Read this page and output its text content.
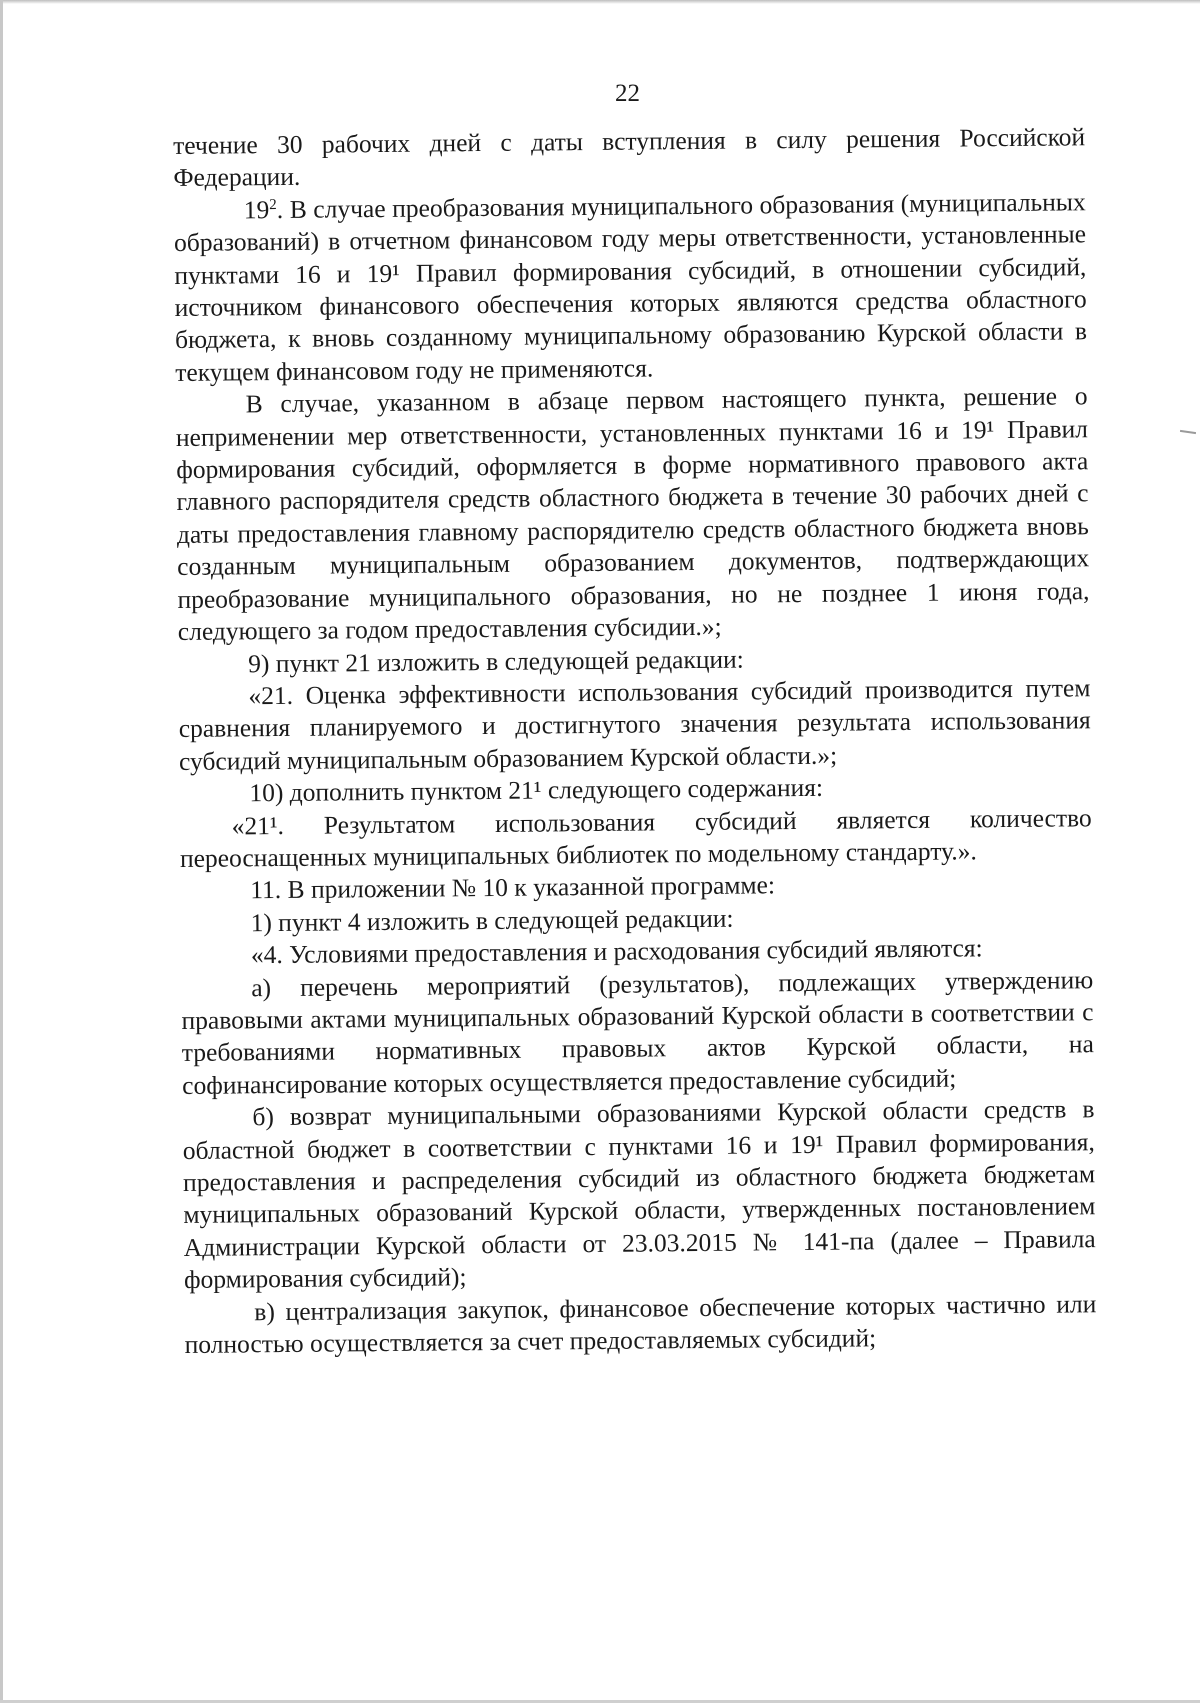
22

течение 30 рабочих дней с даты вступления в силу решения Российской Федерации.

$19^2$. В случае преобразования муниципального образования (муниципальных образований) в отчетном финансовом году меры ответственности, установленные пунктами 16 и 19¹ Правил формирования субсидий, в отношении субсидий, источником финансового обеспечения которых являются средства областного бюджета, к вновь созданному муниципальному образованию Курской области в текущем финансовом году не применяются.

В случае, указанном в абзаце первом настоящего пункта, решение о неприменении мер ответственности, установленных пунктами 16 и 19¹ Правил формирования субсидий, оформляется в форме нормативного правового акта главного распорядителя средств областного бюджета в течение 30 рабочих дней с даты предоставления главному распорядителю средств областного бюджета вновь созданным муниципальным образованием документов, подтверждающих преобразование муниципального образования, но не позднее 1 июня года, следующего за годом предоставления субсидии.»;

9) пункт 21 изложить в следующей редакции:

«21. Оценка эффективности использования субсидий производится путем сравнения планируемого и достигнутого значения результата использования субсидий муниципальным образованием Курской области.»;

10) дополнить пунктом 21¹ следующего содержания:

«21¹. Результатом использования субсидий является количество переоснащенных муниципальных библиотек по модельному стандарту.».

11. В приложении № 10 к указанной программе:

1) пункт 4 изложить в следующей редакции:

«4. Условиями предоставления и расходования субсидий являются:

а) перечень мероприятий (результатов), подлежащих утверждению правовыми актами муниципальных образований Курской области в соответствии с требованиями нормативных правовых актов Курской области, на софинансирование которых осуществляется предоставление субсидий;

б) возврат муниципальными образованиями Курской области средств в областной бюджет в соответствии с пунктами 16 и 19¹ Правил формирования, предоставления и распределения субсидий из областного бюджета бюджетам муниципальных образований Курской области, утвержденных постановлением Администрации Курской области от 23.03.2015 № 141-па (далее – Правила формирования субсидий);

в) централизация закупок, финансовое обеспечение которых частично или полностью осуществляется за счет предоставляемых субсидий;
